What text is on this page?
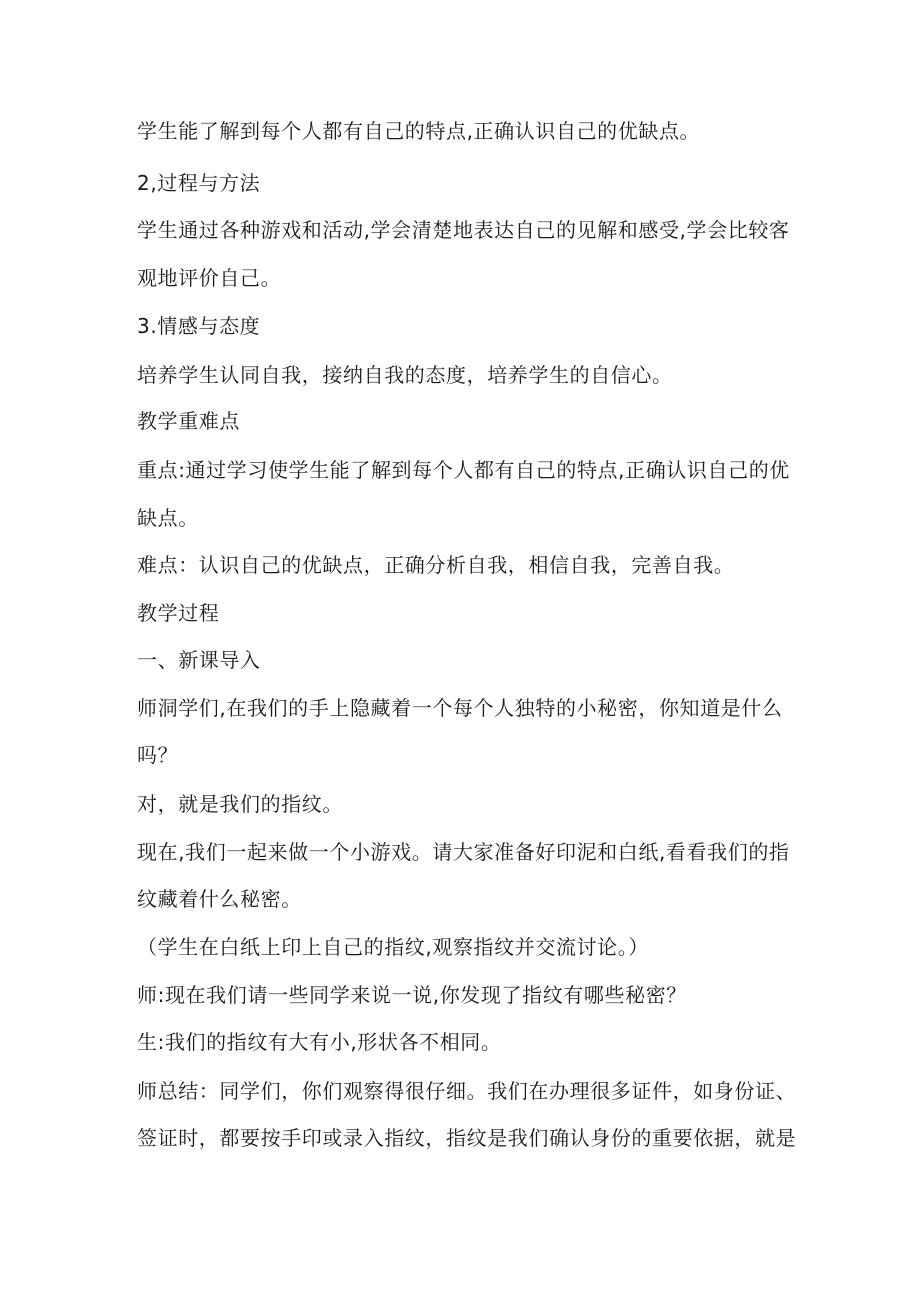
学生能了解到每个人都有自己的特点,正确认识自己的优缺点。
2,过程与方法
学生通过各种游戏和活动,学会清楚地表达自己的见解和感受,学会比较客
观地评价自己。
3.情感与态度
培养学生认同自我，接纳自我的态度，培养学生的自信心。
教学重难点
重点:通过学习使学生能了解到每个人都有自己的特点,正确认识自己的优
缺点。
难点：认识自己的优缺点，正确分析自我，相信自我，完善自我。
教学过程
一、新课导入
师洞学们,在我们的手上隐藏着一个每个人独特的小秘密，你知道是什么
吗？
对，就是我们的指纹。
现在,我们一起来做一个小游戏。请大家准备好印泥和白纸,看看我们的指
纹藏着什么秘密。
（学生在白纸上印上自己的指纹,观察指纹并交流讨论。）
师:现在我们请一些同学来说一说,你发现了指纹有哪些秘密？
生:我们的指纹有大有小,形状各不相同。
师总结：同学们，你们观察得很仔细。我们在办理很多证件，如身份证、
签证时，都要按手印或录入指纹，指纹是我们确认身份的重要依据，就是
